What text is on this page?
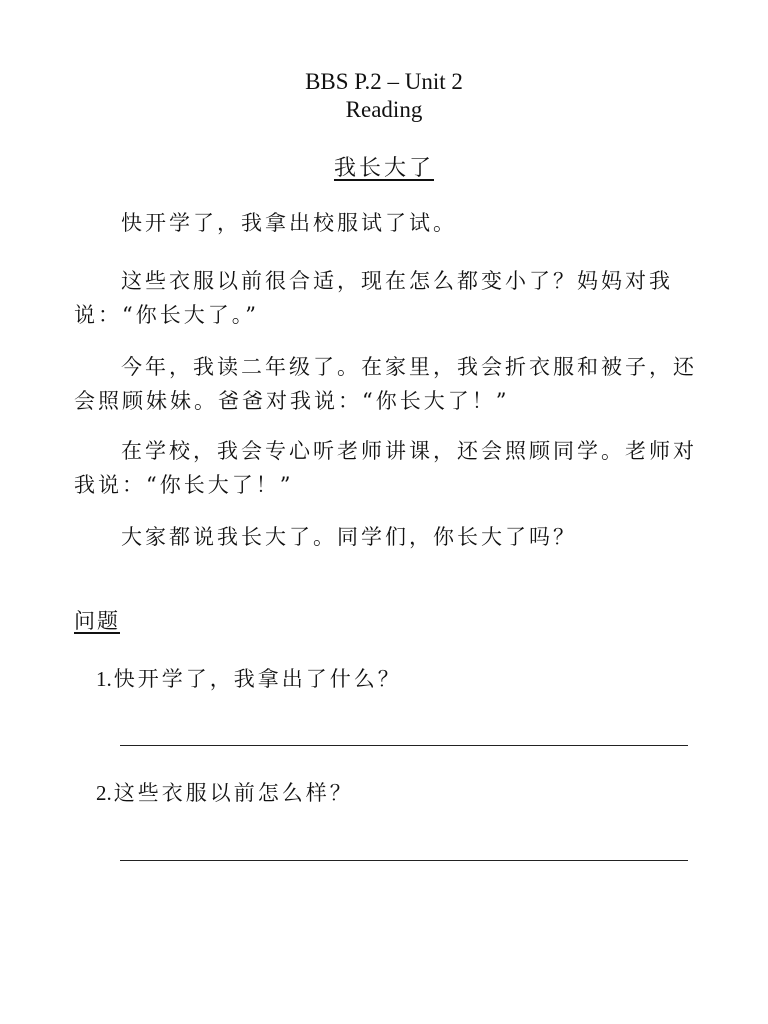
BBS P.2 – Unit 2
Reading
我长大了
快开学了，我拿出校服试了试。
这些衣服以前很合适，现在怎么都变小了？妈妈对我说：“你长大了。”
今年，我读二年级了。在家里，我会折衣服和被子，还会照顾妹妹。爸爸对我说：“你长大了！”
在学校，我会专心听老师讲课，还会照顾同学。老师对我说：“你长大了！”
大家都说我长大了。同学们，你长大了吗？
问题
1.快开学了，我拿出了什么？
2.这些衣服以前怎么样？
